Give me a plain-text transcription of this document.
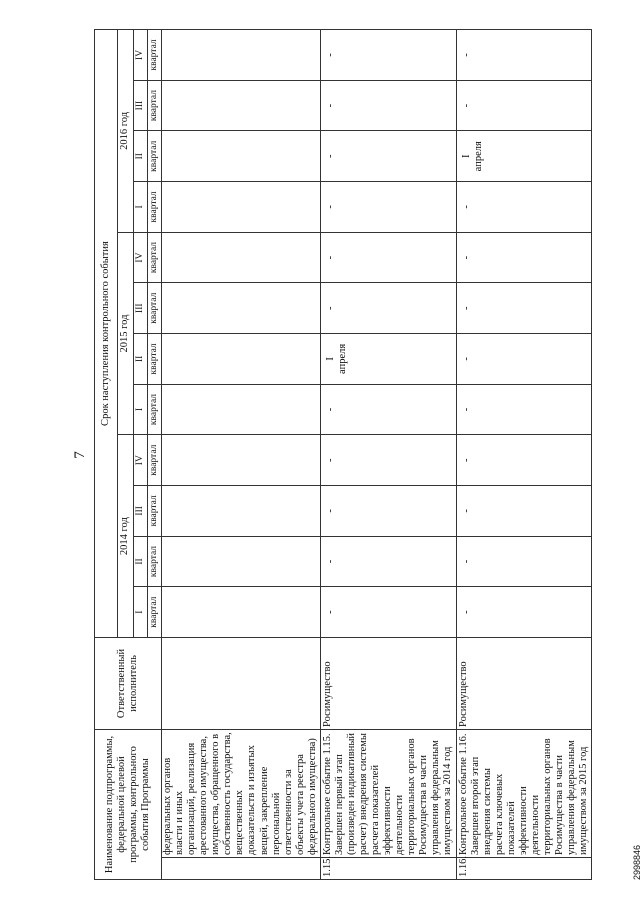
7
Наименование подпрограммы, федеральной целевой программы, контрольного события Программы		Ответственный исполнитель	Срок наступления контрольного события											
			2014 год				2015 год				2016 год			
			I	II	III	IV	I	II	III	IV	I	II	III	IV
			квартал	квартал	квартал	квартал	квартал	квартал	квартал	квартал	квартал	квартал	квартал	квартал
	федеральных органов власти и иных организаций, реализация арестованного имущества, имущества, обращенного в собственность государства, вещественных доказательств и изъятых вещей, закрепление персональной ответственности за объекты учета реестра федерального имущества)													
1.15.	Контрольное событие 1.15. Завершен первый этап (произведен индикативный расчет) внедрения системы расчета показателей эффективности деятельности территориальных органов Росимущества в части управления федеральным имуществом за 2014 год	Росимущество	-	-	-	-	-	I
апреля	-	-	-	-	-	-
1.16.	Контрольное событие 1.16. Завершен второй этап внедрения системы расчета ключевых показателей эффективности деятельности территориальных органов Росимущества в части управления федеральным имуществом за 2015 год	Росимущество	-	-	-	-	-	-	-	-	-	I
апреля	-	-
2998846
